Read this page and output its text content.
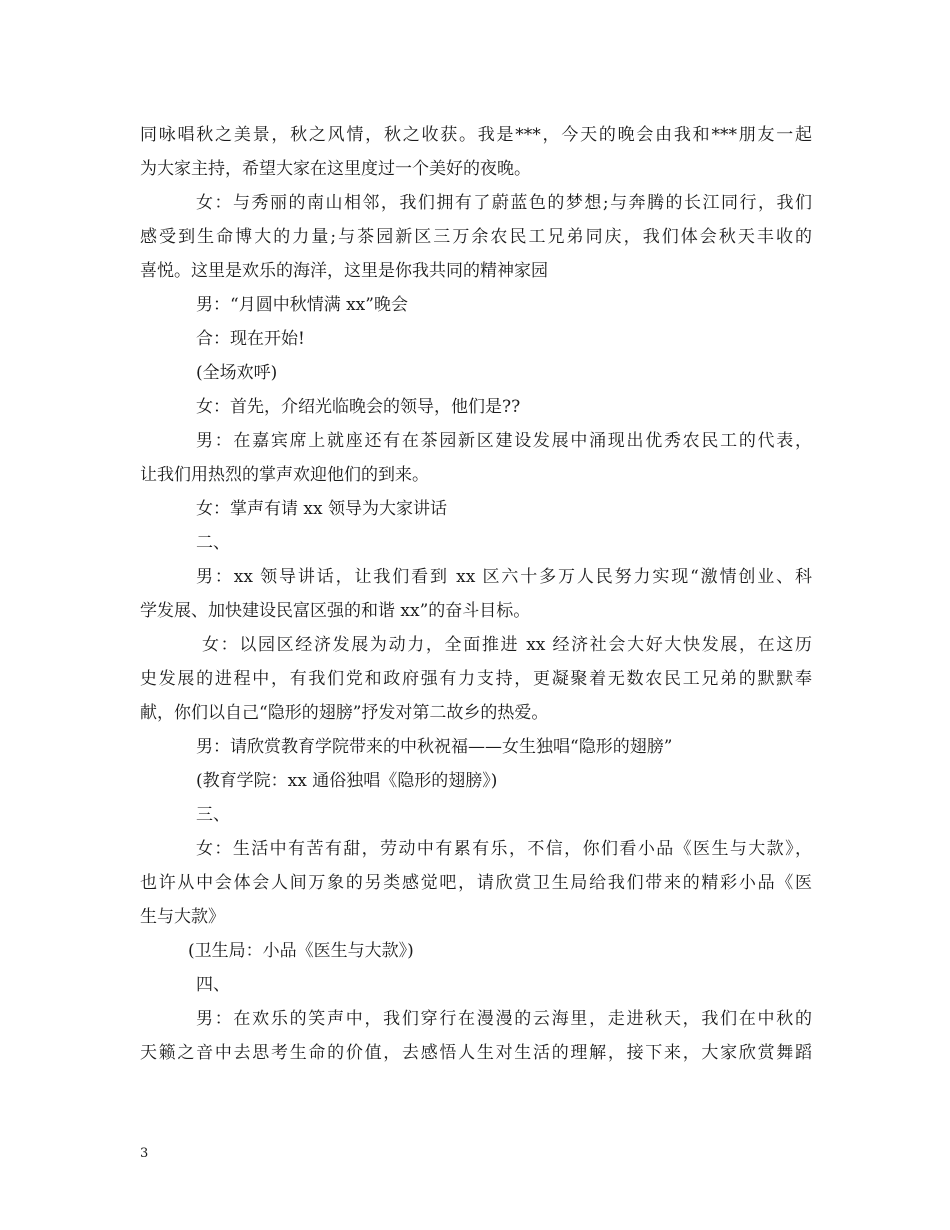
同咏唱秋之美景，秋之风情，秋之收获。我是***，今天的晚会由我和***朋友一起
为大家主持，希望大家在这里度过一个美好的夜晚。
女：与秀丽的南山相邻，我们拥有了蔚蓝色的梦想;与奔腾的长江同行，我们
感受到生命博大的力量;与茶园新区三万余农民工兄弟同庆，我们体会秋天丰收的
喜悦。这里是欢乐的海洋，这里是你我共同的精神家园
男：“月圆中秋情满 xx”晚会
合：现在开始!
(全场欢呼)
女：首先，介绍光临晚会的领导，他们是??
男：在嘉宾席上就座还有在茶园新区建设发展中涌现出优秀农民工的代表，
让我们用热烈的掌声欢迎他们的到来。
女：掌声有请 xx 领导为大家讲话
二、
男：xx 领导讲话，让我们看到 xx 区六十多万人民努力实现“激情创业、科
学发展、加快建设民富区强的和谐 xx”的奋斗目标。
女：以园区经济发展为动力，全面推进 xx 经济社会大好大快发展，在这历
史发展的进程中，有我们党和政府强有力支持，更凝聚着无数农民工兄弟的默默奉
献，你们以自己“隐形的翅膀”抒发对第二故乡的热爱。
男：请欣赏教育学院带来的中秋祝福——女生独唱“隐形的翅膀”
(教育学院：xx 通俗独唱《隐形的翅膀》)
三、
女：生活中有苦有甜，劳动中有累有乐，不信，你们看小品《医生与大款》，
也许从中会体会人间万象的另类感觉吧，请欣赏卫生局给我们带来的精彩小品《医
生与大款》
(卫生局：小品《医生与大款》)
四、
男：在欢乐的笑声中，我们穿行在漫漫的云海里，走进秋天，我们在中秋的
天籁之音中去思考生命的价值，去感悟人生对生活的理解，接下来，大家欣赏舞蹈
3
